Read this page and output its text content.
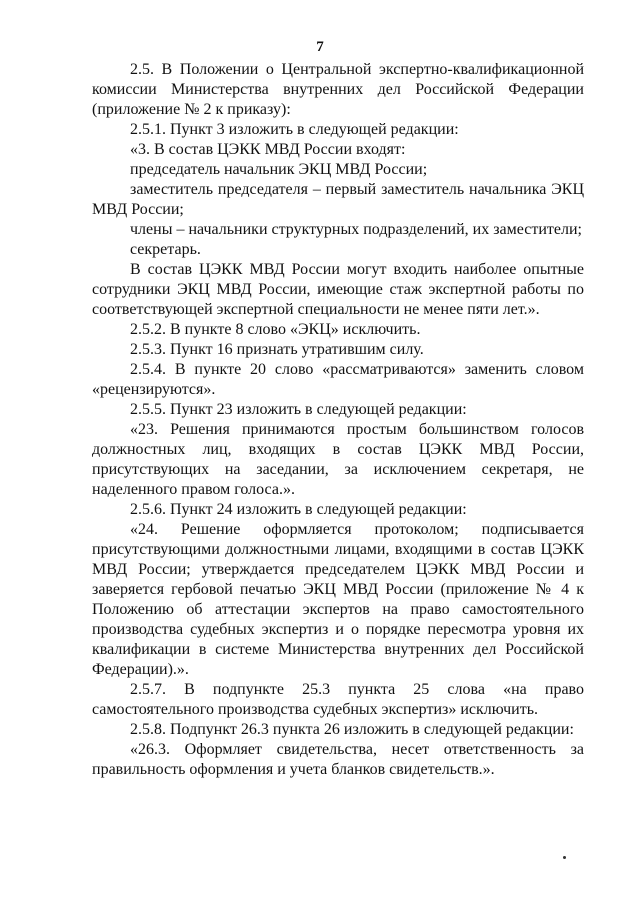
7

2.5. В Положении о Центральной экспертно-квалификационной комиссии Министерства внутренних дел Российской Федерации (приложение № 2 к приказу):

2.5.1. Пункт 3 изложить в следующей редакции:

«3. В состав ЦЭКК МВД России входят:

председатель начальник ЭКЦ МВД России;

заместитель председателя – первый заместитель начальника ЭКЦ МВД России;

члены – начальники структурных подразделений, их заместители;

секретарь.

В состав ЦЭКК МВД России могут входить наиболее опытные сотрудники ЭКЦ МВД России, имеющие стаж экспертной работы по соответствующей экспертной специальности не менее пяти лет.».

2.5.2. В пункте 8 слово «ЭКЦ» исключить.

2.5.3. Пункт 16 признать утратившим силу.

2.5.4. В пункте 20 слово «рассматриваются» заменить словом «рецензируются».

2.5.5. Пункт 23 изложить в следующей редакции:

«23. Решения принимаются простым большинством голосов должностных лиц, входящих в состав ЦЭКК МВД России, присутствующих на заседании, за исключением секретаря, не наделенного правом голоса.».

2.5.6. Пункт 24 изложить в следующей редакции:

«24. Решение оформляется протоколом; подписывается присутствующими должностными лицами, входящими в состав ЦЭКК МВД России; утверждается председателем ЦЭКК МВД России и заверяется гербовой печатью ЭКЦ МВД России (приложение № 4 к Положению об аттестации экспертов на право самостоятельного производства судебных экспертиз и о порядке пересмотра уровня их квалификации в системе Министерства внутренних дел Российской Федерации).».

2.5.7. В подпункте 25.3 пункта 25 слова «на право самостоятельного производства судебных экспертиз» исключить.

2.5.8. Подпункт 26.3 пункта 26 изложить в следующей редакции:

«26.3. Оформляет свидетельства, несет ответственность за правильность оформления и учета бланков свидетельств.».
